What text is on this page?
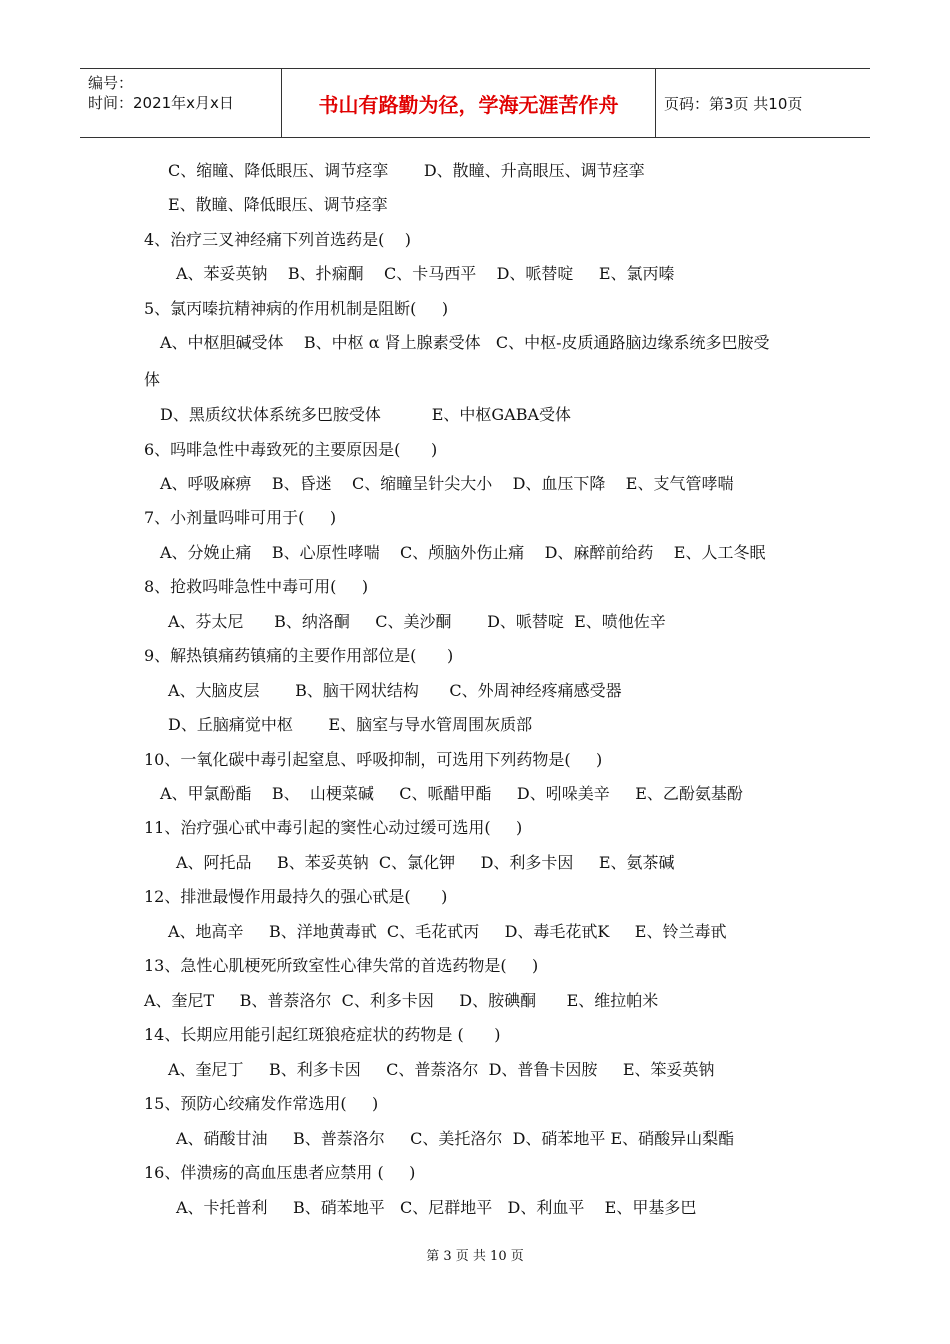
编号：
时间：2021年x月x日	书山有路勤为径，学海无涯苦作舟	页码：第3页 共10页
C、缩瞳、降低眼压、调节痉挛       D、散瞳、升高眼压、调节痉挛
E、散瞳、降低眼压、调节痉挛
4、治疗三叉神经痛下列首选药是(    )
A、苯妥英钠    B、扑痫酮    C、卡马西平    D、哌替啶     E、氯丙嗪
5、氯丙嗪抗精神病的作用机制是阻断(     )
A、中枢胆碱受体    B、中枢 α 肾上腺素受体   C、中枢-皮质通路脑边缘系统多巴胺受
体
D、黑质纹状体系统多巴胺受体          E、中枢GABA受体
6、吗啡急性中毒致死的主要原因是(      )
A、呼吸麻痹    B、昏迷    C、缩瞳呈针尖大小    D、血压下降    E、支气管哮喘
7、小剂量吗啡可用于(     )
A、分娩止痛    B、心原性哮喘    C、颅脑外伤止痛    D、麻醉前给药    E、人工冬眠
8、抢救吗啡急性中毒可用(     )
A、芬太尼      B、纳洛酮     C、美沙酮       D、哌替啶  E、喷他佐辛
9、解热镇痛药镇痛的主要作用部位是(      )
A、大脑皮层       B、脑干网状结构      C、外周神经疼痛感受器
D、丘脑痛觉中枢       E、脑室与导水管周围灰质部
10、一氧化碳中毒引起窒息、呼吸抑制，可选用下列药物是(     )
A、甲氯酚酯    B、  山梗菜碱     C、哌醋甲酯     D、吲哚美辛     E、乙酚氨基酚
11、治疗强心甙中毒引起的窦性心动过缓可选用(     )
A、阿托品     B、苯妥英钠  C、氯化钾     D、利多卡因     E、氨茶碱
12、排泄最慢作用最持久的强心甙是(      )
A、地高辛     B、洋地黄毒甙  C、毛花甙丙     D、毒毛花甙K     E、铃兰毒甙
13、急性心肌梗死所致室性心律失常的首选药物是(     )
A、奎尼T     B、普萘洛尔  C、利多卡因     D、胺碘酮      E、维拉帕米
14、长期应用能引起红斑狼疮症状的药物是 (      )
A、奎尼丁     B、利多卡因     C、普萘洛尔  D、普鲁卡因胺     E、笨妥英钠
15、预防心绞痛发作常选用(     )
A、硝酸甘油     B、普萘洛尔     C、美托洛尔  D、硝苯地平 E、硝酸异山梨酯
16、伴溃疡的高血压患者应禁用 (     )
A、卡托普利     B、硝苯地平   C、尼群地平   D、利血平    E、甲基多巴
第 3 页 共 10 页
